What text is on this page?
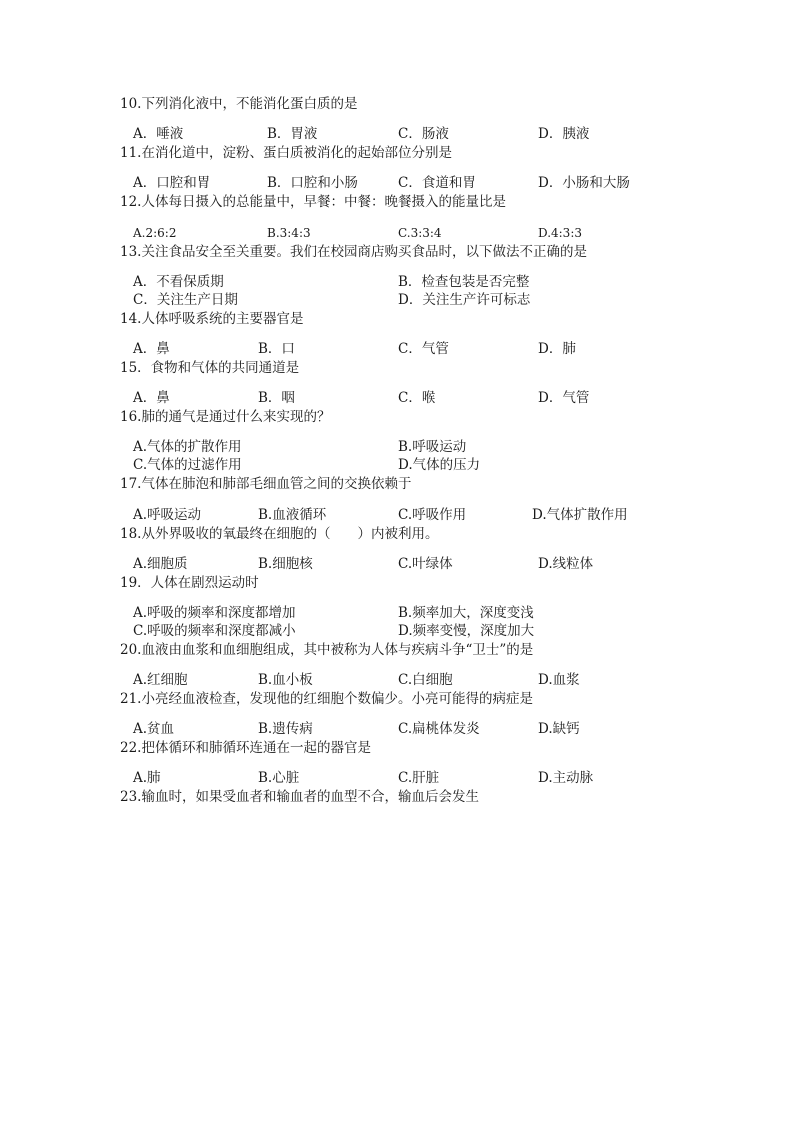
10.下列消化液中，不能消化蛋白质的是
A．唾液	B．胃液	C．肠液	D．胰液
11.在消化道中，淀粉、蛋白质被消化的起始部位分别是
A．口腔和胃	B．口腔和小肠	C．食道和胃	D．小肠和大肠
12.人体每日摄入的总能量中，早餐：中餐：晚餐摄入的能量比是
A.2:6:2	B.3:4:3	C.3:3:4	D.4:3:3
13.关注食品安全至关重要。我们在校园商店购买食品时，以下做法不正确的是
A．不看保质期	B．检查包装是否完整
C．关注生产日期	D．关注生产许可标志
14.人体呼吸系统的主要器官是
A．鼻	B．口	C．气管	D．肺
15．食物和气体的共同通道是
A．鼻	B．咽	C．喉	D．气管
16.肺的通气是通过什么来实现的？
A.气体的扩散作用	B.呼吸运动
C.气体的过滤作用	D.气体的压力
17.气体在肺泡和肺部毛细血管之间的交换依赖于
A.呼吸运动	B.血液循环	C.呼吸作用	D.气体扩散作用
18.从外界吸收的氧最终在细胞的（　　）内被利用。
A.细胞质	B.细胞核	C.叶绿体	D.线粒体
19．人体在剧烈运动时
A.呼吸的频率和深度都增加	B.频率加大，深度变浅
C.呼吸的频率和深度都减小	D.频率变慢，深度加大
20.血液由血浆和血细胞组成，其中被称为人体与疾病斗争“卫士”的是
A.红细胞	B.血小板	C.白细胞	D.血浆
21.小亮经血液检查，发现他的红细胞个数偏少。小亮可能得的病症是
A.贫血	B.遗传病	C.扁桃体发炎	D.缺钙
22.把体循环和肺循环连通在一起的器官是
A.肺	B.心脏	C.肝脏	D.主动脉
23.输血时，如果受血者和输血者的血型不合，输血后会发生
